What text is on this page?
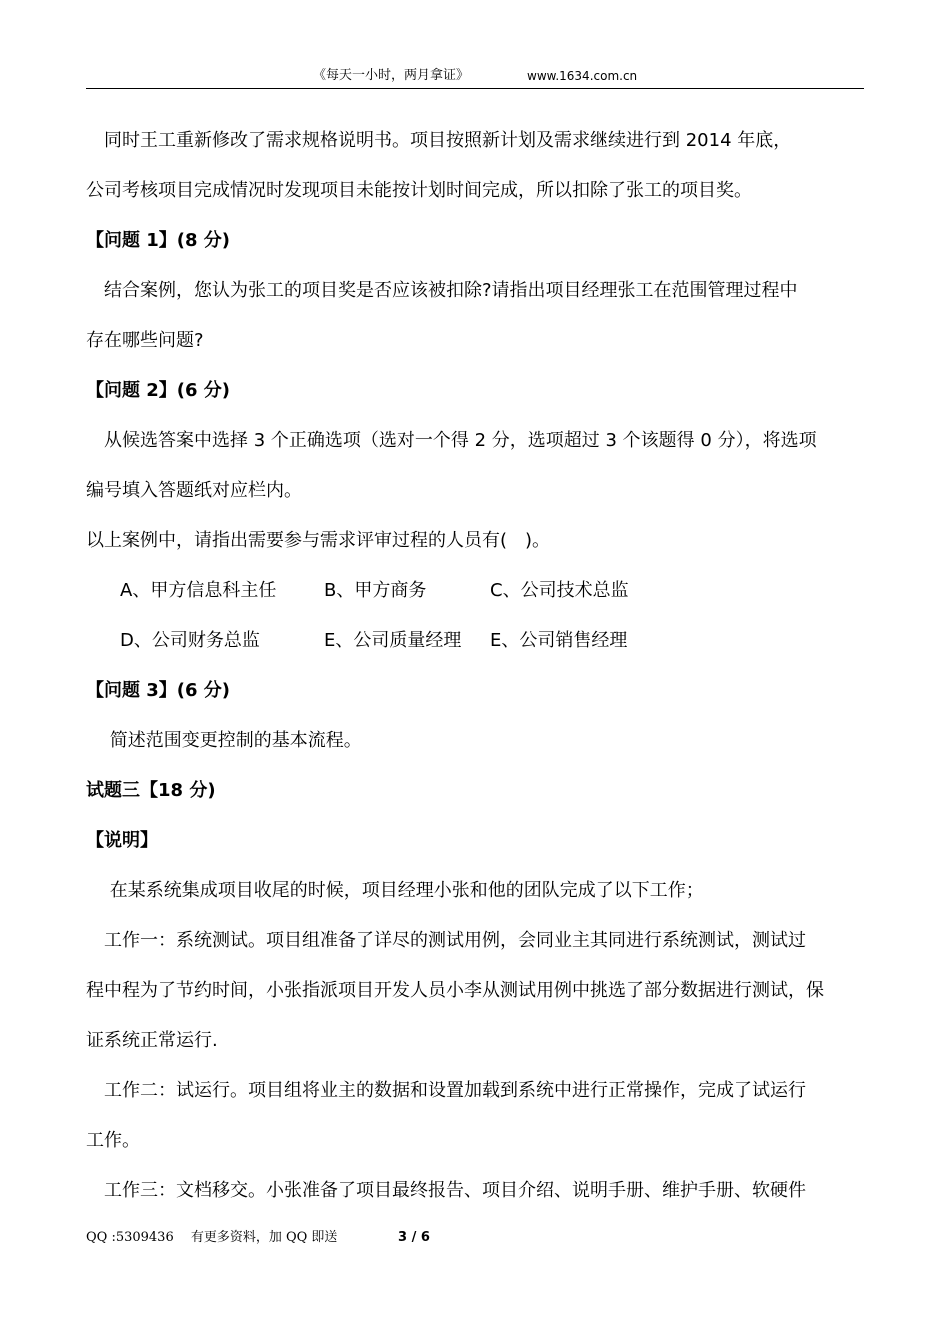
《每天一小时，两月拿证》	www.1634.com.cn
　同时王工重新修改了需求规格说明书。项目按照新计划及需求继续进行到 2014 年底，
公司考核项目完成情况时发现项目未能按计划时间完成，所以扣除了张工的项目奖。
【问题 1】(8 分)
　结合案例，您认为张工的项目奖是否应该被扣除?请指出项目经理张工在范围管理过程中
存在哪些问题?
【问题 2】(6 分)
　从候选答案中选择 3 个正确选项（选对一个得 2 分，选项超过 3 个该题得 0 分），将选项
编号填入答题纸对应栏内。
以上案例中，请指出需要参与需求评审过程的人员有(　)。
A、甲方信息科主任	B、甲方商务	C、公司技术总监
D、公司财务总监	E、公司质量经理 E、公司销售经理
【问题 3】(6 分)
　 简述范围变更控制的基本流程。
试题三【18 分)
【说明】
　 在某系统集成项目收尾的时候，项目经理小张和他的团队完成了以下工作；
　工作一：系统测试。项目组准备了详尽的测试用例，会同业主其同进行系统测试，测试过
程中程为了节约时间，小张指派项目开发人员小李从测试用例中挑选了部分数据进行测试，保
证系统正常运行.
　工作二：试运行。项目组将业主的数据和设置加载到系统中进行正常操作，完成了试运行
工作。
　工作三：文档移交。小张准备了项目最终报告、项目介绍、说明手册、维护手册、软硬件
QQ :5309436　 有更多资料，加 QQ 即送	3 / 6
